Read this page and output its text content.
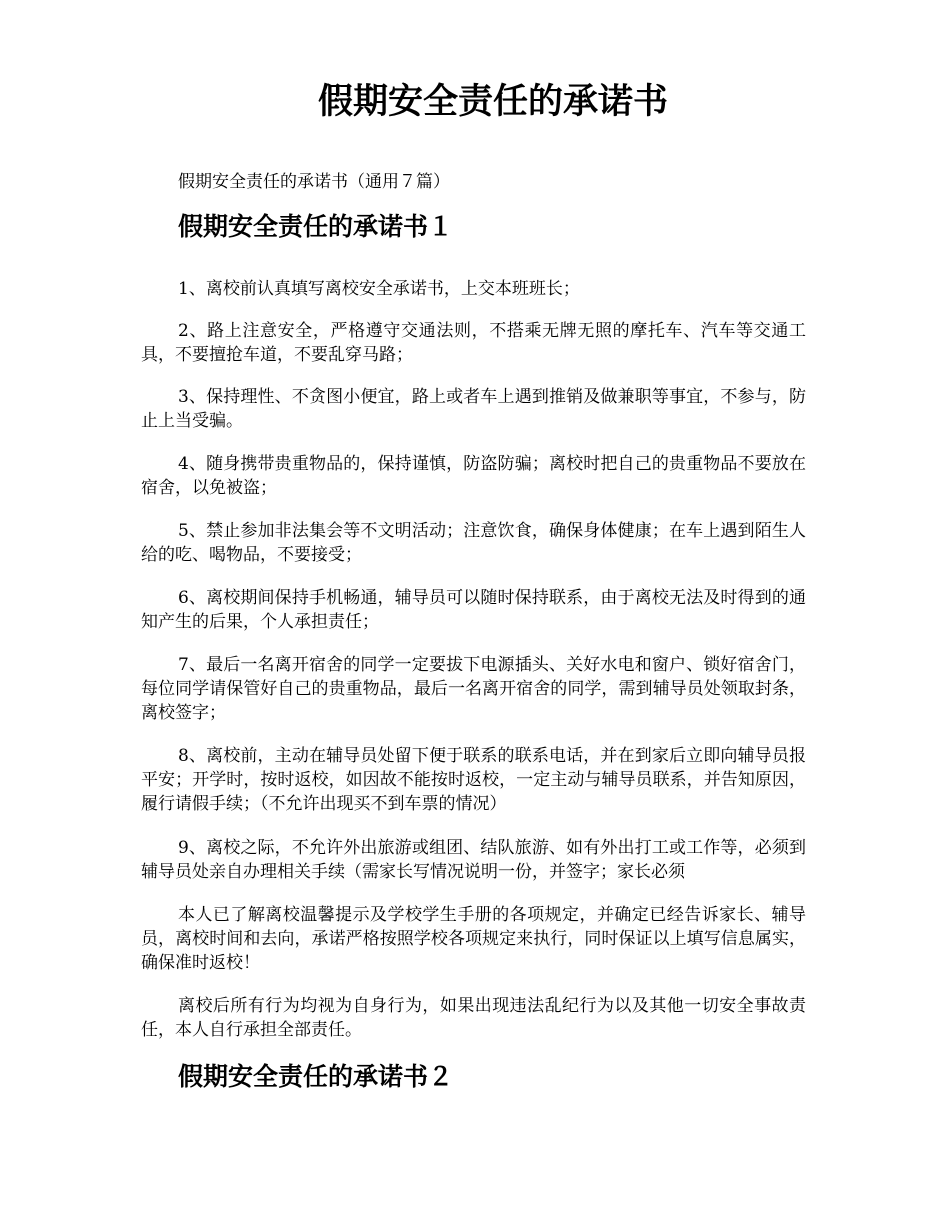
假期安全责任的承诺书
假期安全责任的承诺书（通用７篇）
假期安全责任的承诺书１

1、离校前认真填写离校安全承诺书，上交本班班长；

2、路上注意安全，严格遵守交通法则，不搭乘无牌无照的摩托车、汽车等交通工具，不要擅抢车道，不要乱穿马路；

3、保持理性、不贪图小便宜，路上或者车上遇到推销及做兼职等事宜，不参与，防止上当受骗。

4、随身携带贵重物品的，保持谨慎，防盗防骗；离校时把自己的贵重物品不要放在宿舍，以免被盗；

5、禁止参加非法集会等不文明活动；注意饮食，确保身体健康；在车上遇到陌生人给的吃、喝物品，不要接受；

6、离校期间保持手机畅通，辅导员可以随时保持联系，由于离校无法及时得到的通知产生的后果，个人承担责任；

7、最后一名离开宿舍的同学一定要拔下电源插头、关好水电和窗户、锁好宿舍门，每位同学请保管好自己的贵重物品，最后一名离开宿舍的同学，需到辅导员处领取封条，离校签字；

8、离校前，主动在辅导员处留下便于联系的联系电话，并在到家后立即向辅导员报平安；开学时，按时返校，如因故不能按时返校，一定主动与辅导员联系，并告知原因，履行请假手续；（不允许出现买不到车票的情况）

9、离校之际，不允许外出旅游或组团、结队旅游、如有外出打工或工作等，必须到辅导员处亲自办理相关手续（需家长写情况说明一份，并签字；家长必须

本人已了解离校温馨提示及学校学生手册的各项规定，并确定已经告诉家长、辅导员，离校时间和去向，承诺严格按照学校各项规定来执行，同时保证以上填写信息属实，确保准时返校！

离校后所有行为均视为自身行为，如果出现违法乱纪行为以及其他一切安全事故责任，本人自行承担全部责任。

假期安全责任的承诺书２
